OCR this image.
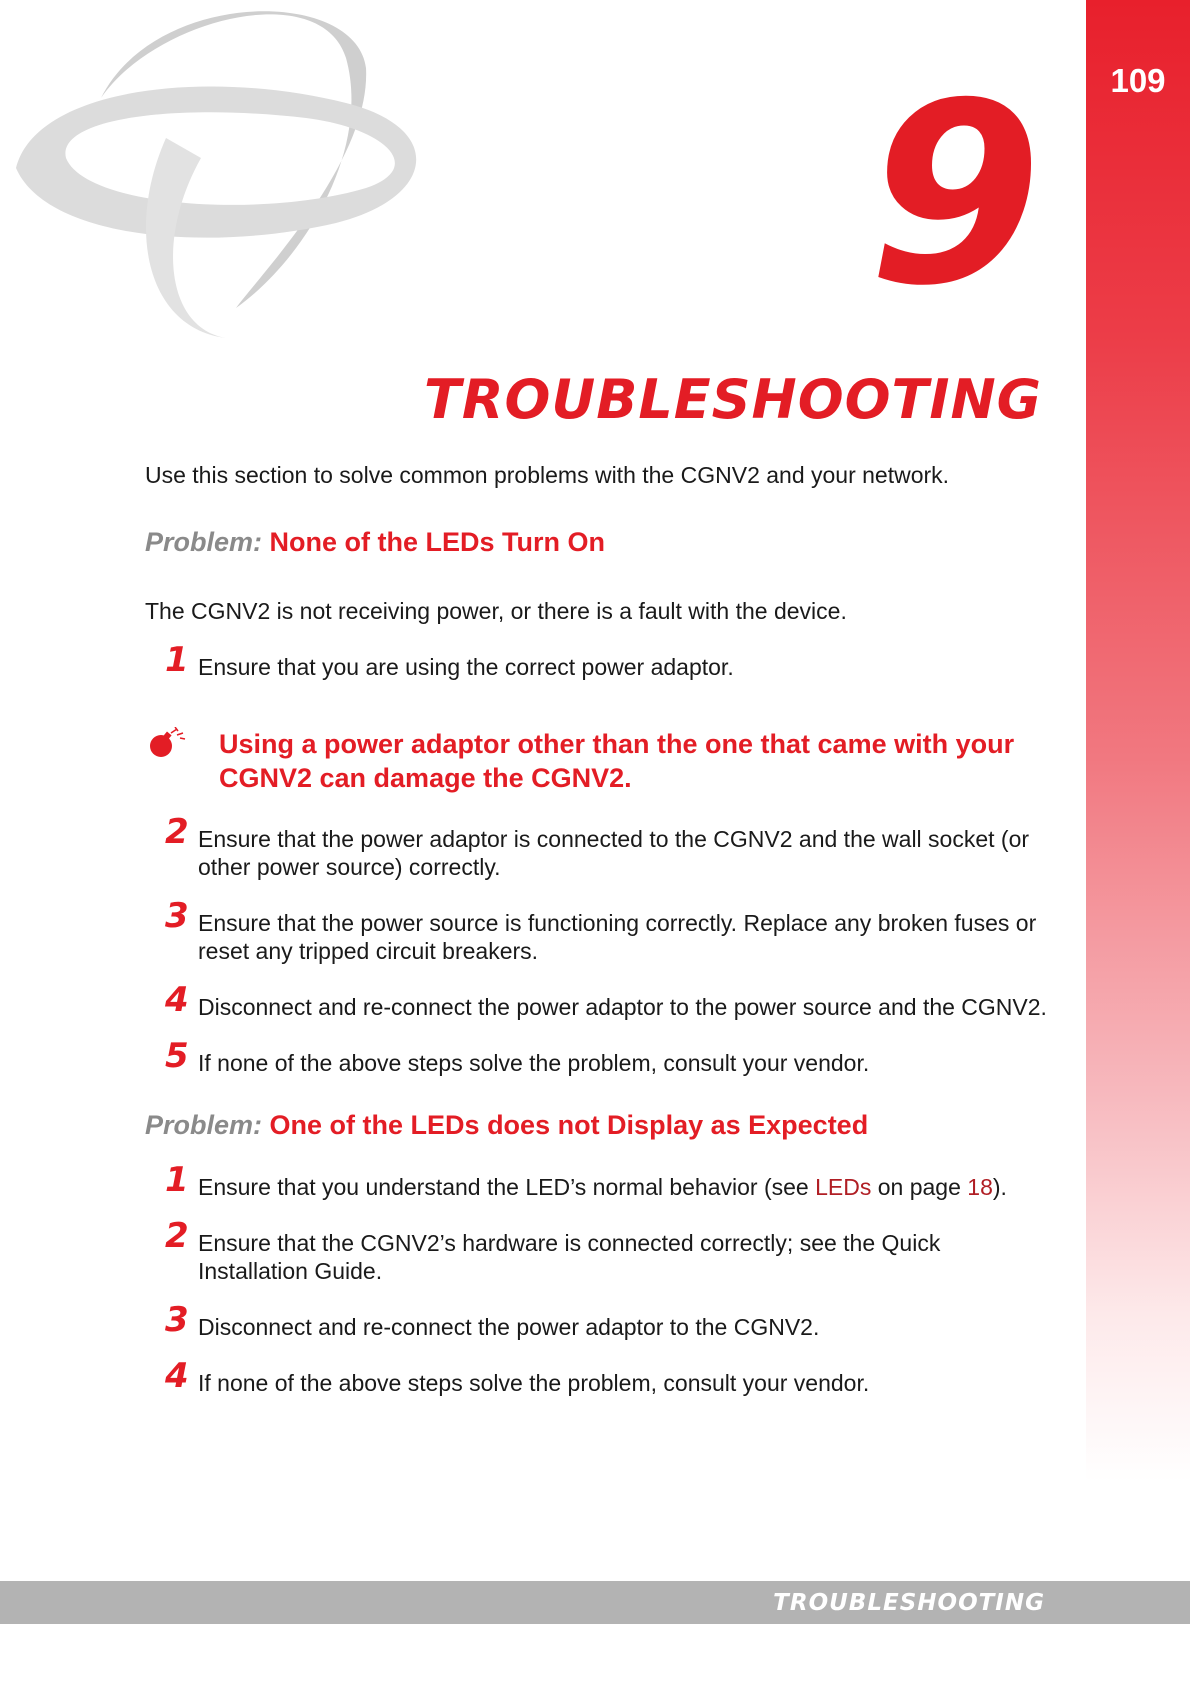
109
9
TROUBLESHOOTING

Use this section to solve common problems with the CGNV2 and your network.

Problem: None of the LEDs Turn On

The CGNV2 is not receiving power, or there is a fault with the device.

1 Ensure that you are using the correct power adaptor.
Using a power adaptor other than the one that came with your CGNV2 can damage the CGNV2.
2 Ensure that the power adaptor is connected to the CGNV2 and the wall socket (or other power source) correctly.
3 Ensure that the power source is functioning correctly. Replace any broken fuses or reset any tripped circuit breakers.
4 Disconnect and re-connect the power adaptor to the power source and the CGNV2.
5 If none of the above steps solve the problem, consult your vendor.
Problem: One of the LEDs does not Display as Expected
1 Ensure that you understand the LED’s normal behavior (see LEDs on page 18).
2 Ensure that the CGNV2’s hardware is connected correctly; see the Quick Installation Guide.
3 Disconnect and re-connect the power adaptor to the CGNV2.
4 If none of the above steps solve the problem, consult your vendor.
TROUBLESHOOTING
